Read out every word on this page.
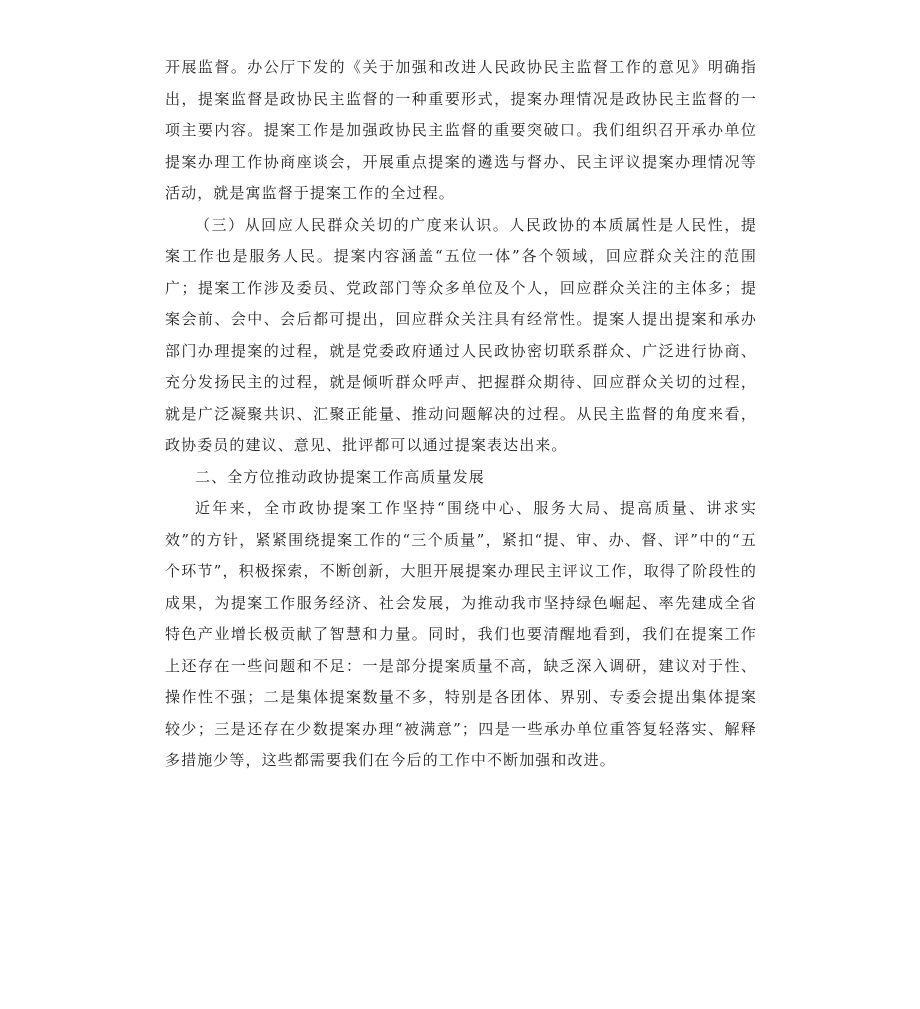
开展监督。办公厅下发的《关于加强和改进人民政协民主监督工作的意见》明确指出，提案监督是政协民主监督的一种重要形式，提案办理情况是政协民主监督的一项主要内容。提案工作是加强政协民主监督的重要突破口。我们组织召开承办单位提案办理工作协商座谈会，开展重点提案的遴选与督办、民主评议提案办理情况等活动，就是寓监督于提案工作的全过程。

（三）从回应人民群众关切的广度来认识。人民政协的本质属性是人民性，提案工作也是服务人民。提案内容涵盖“五位一体”各个领域，回应群众关注的范围广；提案工作涉及委员、党政部门等众多单位及个人，回应群众关注的主体多；提案会前、会中、会后都可提出，回应群众关注具有经常性。提案人提出提案和承办部门办理提案的过程，就是党委政府通过人民政协密切联系群众、广泛进行协商、充分发扬民主的过程，就是倾听群众呼声、把握群众期待、回应群众关切的过程，就是广泛凝聚共识、汇聚正能量、推动问题解决的过程。从民主监督的角度来看，政协委员的建议、意见、批评都可以通过提案表达出来。

二、全方位推动政协提案工作高质量发展

近年来，全市政协提案工作坚持“围绕中心、服务大局、提高质量、讲求实效”的方针，紧紧围绕提案工作的“三个质量”，紧扣“提、审、办、督、评”中的“五个环节”，积极探索，不断创新，大胆开展提案办理民主评议工作，取得了阶段性的成果，为提案工作服务经济、社会发展，为推动我市坚持绿色崛起、率先建成全省特色产业增长极贡献了智慧和力量。同时，我们也要清醒地看到，我们在提案工作上还存在一些问题和不足：一是部分提案质量不高，缺乏深入调研，建议对于性、操作性不强；二是集体提案数量不多，特别是各团体、界别、专委会提出集体提案较少；三是还存在少数提案办理“被满意”；四是一些承办单位重答复轻落实、解释多措施少等，这些都需要我们在今后的工作中不断加强和改进。
